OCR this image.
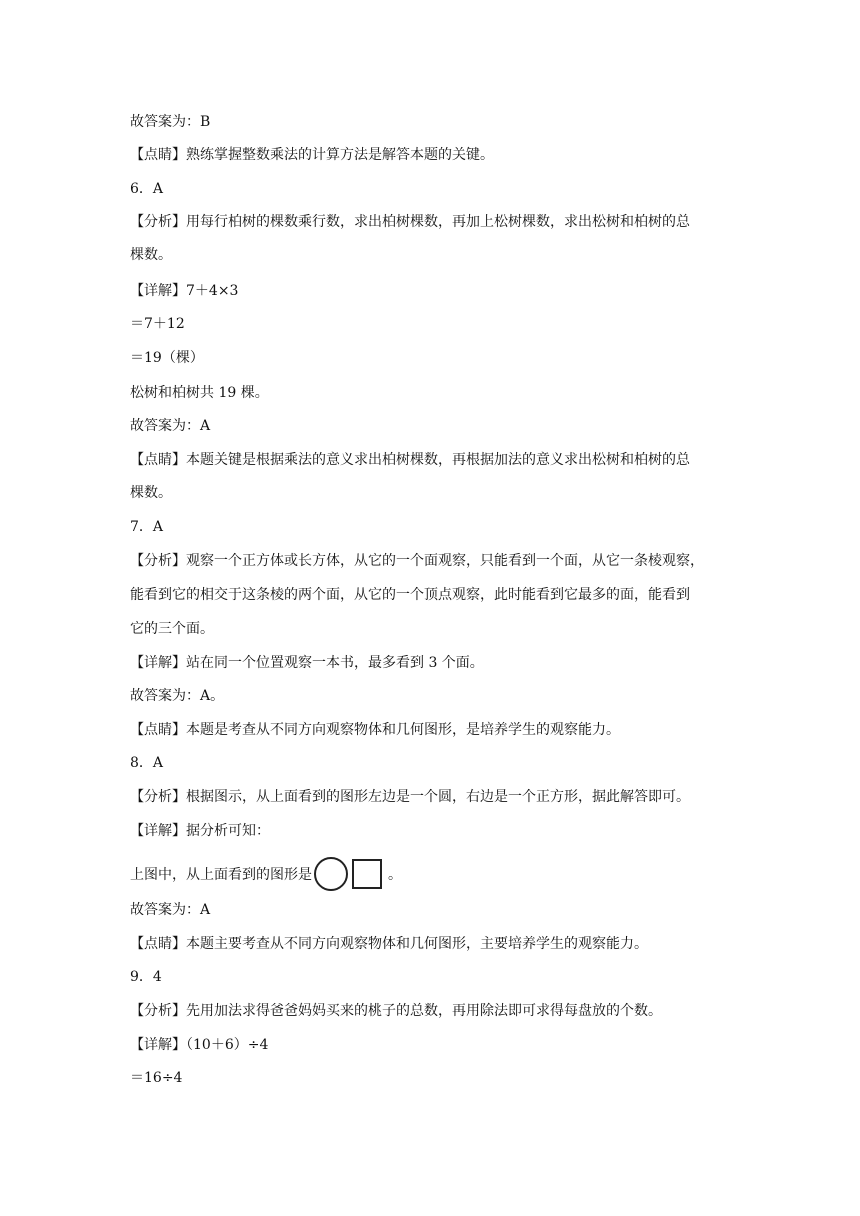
故答案为：B
【点睛】熟练掌握整数乘法的计算方法是解答本题的关键。
6．A
【分析】用每行柏树的棵数乘行数，求出柏树棵数，再加上松树棵数，求出松树和柏树的总
棵数。
【详解】7＋4×3
＝7＋12
＝19（棵）
松树和柏树共 19 棵。
故答案为：A
【点睛】本题关键是根据乘法的意义求出柏树棵数，再根据加法的意义求出松树和柏树的总
棵数。
7．A
【分析】观察一个正方体或长方体，从它的一个面观察，只能看到一个面，从它一条棱观察，
能看到它的相交于这条棱的两个面，从它的一个顶点观察，此时能看到它最多的面，能看到
它的三个面。
【详解】站在同一个位置观察一本书，最多看到 3 个面。
故答案为：A。
【点睛】本题是考查从不同方向观察物体和几何图形，是培养学生的观察能力。
8．A
【分析】根据图示，从上面看到的图形左边是一个圆，右边是一个正方形，据此解答即可。
【详解】据分析可知：
上图中，从上面看到的图形是	。
故答案为：A
【点睛】本题主要考查从不同方向观察物体和几何图形，主要培养学生的观察能力。
9．4
【分析】先用加法求得爸爸妈妈买来的桃子的总数，再用除法即可求得每盘放的个数。
【详解】（10＋6）÷4
＝16÷4
